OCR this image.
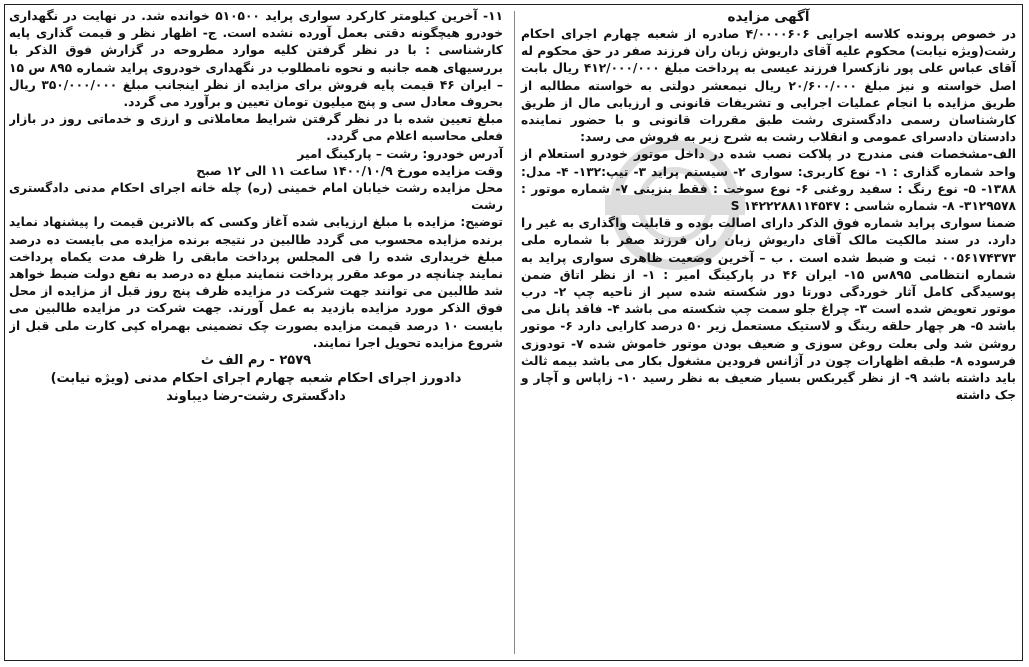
آگهی مزایده

در خصوص پرونده کلاسه اجرایی ۴/۰۰۰۰۶۰۶ صادره از شعبه چهارم اجرای احکام رشت(ویژه نیابت) محکوم علیه آقای داریوش زبان ران فرزند صفر در حق محکوم له آقای عباس علی پور نازکسرا فرزند عیسی به پرداخت مبلغ ۴۱۲/۰۰۰/۰۰۰ ریال بابت اصل خواسته و نیز مبلغ ۲۰/۶۰۰/۰۰۰ ریال نیمعشر دولتی به خواسته مطالبه از طریق مزایده با انجام عملیات اجرایی و تشریفات قانونی و ارزیابی مال از طریق کارشناسان رسمی دادگستری رشت طبق مقررات قانونی و با حضور نماینده دادستان دادسرای عمومی و انقلاب رشت به شرح زیر به فروش می رسد:

الف-مشخصات فنی مندرج در پلاکت نصب شده در داخل موتور خودرو استعلام از واحد شماره گذاری : ۱- نوع کاربری: سواری ۲- سیستم پراید ۳- تیپ:۱۳۲- ۴- مدل: ۱۳۸۸- ۵- نوع رنگ : سفید روغنی ۶- نوع سوخت : فقط بنزینی ۷- شماره موتور : ۳۱۲۹۵۷۸- ۸- شماره شاسی : S ۱۴۲۲۲۸۸۱۱۴۵۴۷

ضمنا سواری پراید شماره فوق الذکر دارای اصالت بوده و قابلیت واگذاری به غیر را دارد. در سند مالکیت مالک آقای داریوش زبان ران فرزند صفر با شماره ملی ۰۰۵۶۱۷۴۳۷۳ ثبت و ضبط شده است . ب – آخرین وضعیت ظاهری سواری پراید به شماره انتظامی ۸۹۵س ۱۵- ایران ۴۶ در پارکینگ امیر : ۱- از نظر اتاق ضمن پوسیدگی کامل آثار خوردگی دورتا دور شکسته شده سپر از ناحیه چپ ۲- درب موتور تعویض شده است ۳- چراغ جلو سمت چپ شکسته می باشد ۴- فاقد پانل می باشد ۵- هر چهار حلقه رینگ و لاستیک مستعمل زیر ۵۰ درصد کارایی دارد ۶- موتور روشن شد ولی بعلت روغن سوزی و ضعیف بودن موتور خاموش شده ۷- تودوزی فرسوده ۸- طبقه اظهارات چون در آژانس فرودین مشغول بکار می باشد بیمه ثالث باید داشته باشد ۹- از نظر گیربکس بسیار ضعیف به نظر رسید ۱۰- زاپاس و آچار و جک داشته

۱۱- آخرین کیلومتر کارکرد سواری پراید ۵۱۰۵۰۰ خوانده شد. در نهایت در نگهداری خودرو هیچگونه دقتی بعمل آورده نشده است. ج- اظهار نظر و قیمت گذاری پایه کارشناسی : با در نظر گرفتن کلیه موارد مطروحه در گزارش فوق الذکر با بررسیهای همه جانبه و نحوه نامطلوب در نگهداری خودروی پراید شماره ۸۹۵ س ۱۵ – ایران ۴۶ قیمت پایه فروش برای مزایده از نظر اینجانب مبلغ ۳۵۰/۰۰۰/۰۰۰ ریال بحروف معادل سی و پنج میلیون تومان تعیین و برآورد می گردد.

مبلغ تعیین شده با در نظر گرفتن شرایط معاملاتی و ارزی و خدماتی روز در بازار فعلی محاسبه اعلام می گردد.

آدرس خودرو: رشت – پارکینگ امیر

وقت مزایده مورخ ۱۴۰۰/۱۰/۹ ساعت ۱۱ الی ۱۲ صبح

محل مزایده رشت خیابان امام خمینی (ره) چله خانه اجرای احکام مدنی دادگستری رشت

توضیح: مزایده با مبلغ ارزیابی شده آغاز وکسی که بالاترین قیمت را پیشنهاد نماید برنده مزایده محسوب می گردد طالبین در نتیجه برنده مزایده می بایست ده درصد مبلغ خریداری شده را فی المجلس پرداخت مابقی را ظرف مدت یکماه پرداخت نمایند چنانچه در موعد مقرر پرداخت ننمایند مبلغ ده درصد به نفع دولت ضبط خواهد شد طالبین می توانند جهت شرکت در مزایده ظرف پنج روز قبل از مزایده از محل فوق الذکر مورد مزایده بازدید به عمل آورند. جهت شرکت در مزایده طالبین می بایست ۱۰ درصد قیمت مزایده بصورت چک تضمینی بهمراه کپی کارت ملی قبل از شروع مزایده تحویل اجرا نمایند.

۲۵۷۹ - رم الف ث

دادورز اجرای احکام شعبه چهارم اجرای احکام مدنی (ویژه نیابت)

دادگستری رشت-رضا دیباوند
